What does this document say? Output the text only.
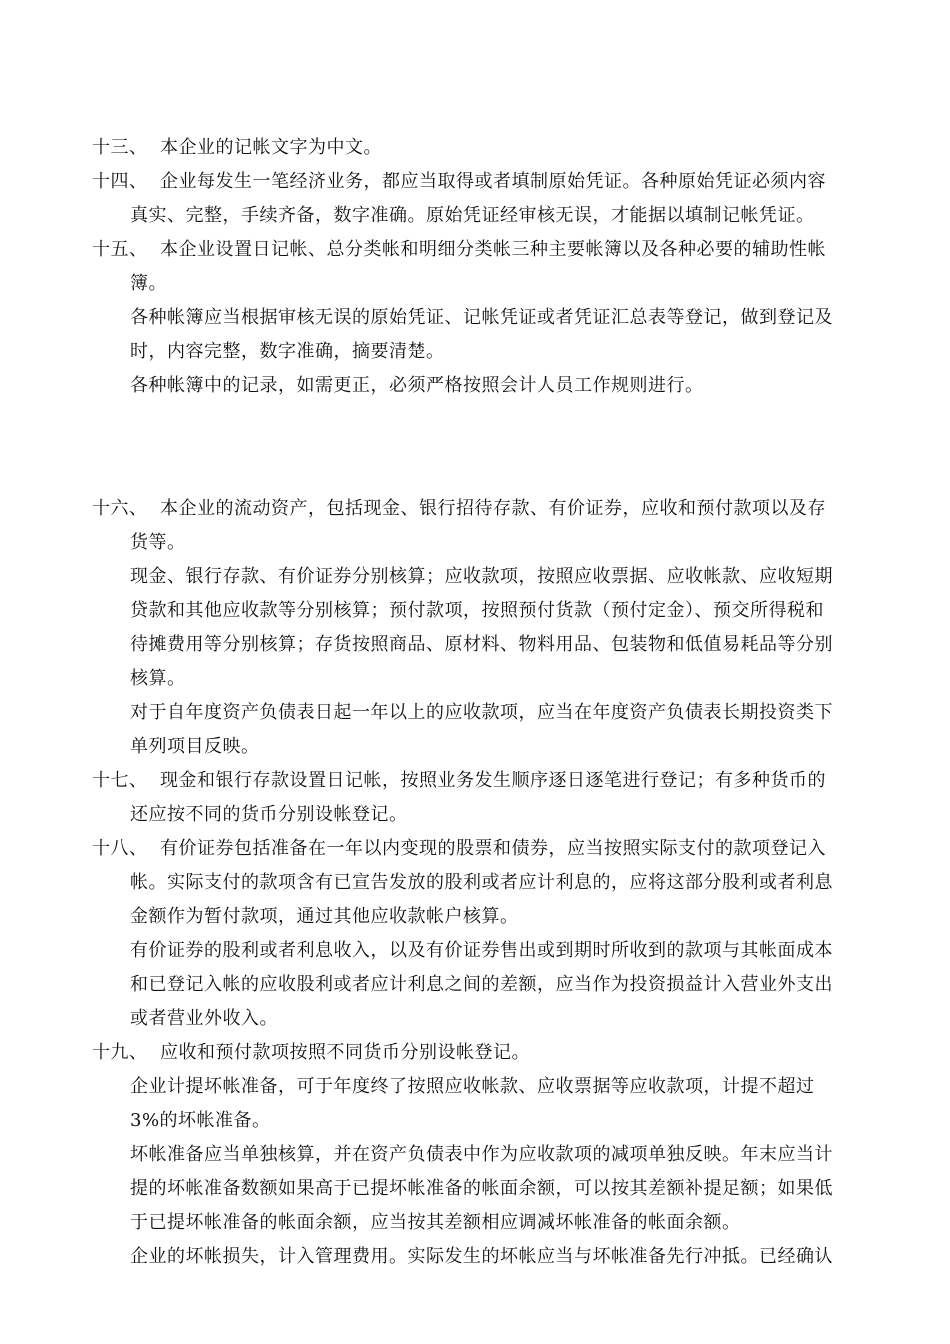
十三、 本企业的记帐文字为中文。
十四、 企业每发生一笔经济业务，都应当取得或者填制原始凭证。各种原始凭证必须内容
真实、完整，手续齐备，数字准确。原始凭证经审核无误，才能据以填制记帐凭证。
十五、 本企业设置日记帐、总分类帐和明细分类帐三种主要帐簿以及各种必要的辅助性帐
簿。
各种帐簿应当根据审核无误的原始凭证、记帐凭证或者凭证汇总表等登记，做到登记及
时，内容完整，数字准确，摘要清楚。
各种帐簿中的记录，如需更正，必须严格按照会计人员工作规则进行。
十六、 本企业的流动资产，包括现金、银行招待存款、有价证券，应收和预付款项以及存
货等。
现金、银行存款、有价证券分别核算；应收款项，按照应收票据、应收帐款、应收短期
贷款和其他应收款等分别核算；预付款项，按照预付货款（预付定金）、预交所得税和
待摊费用等分别核算；存货按照商品、原材料、物料用品、包装物和低值易耗品等分别
核算。
对于自年度资产负债表日起一年以上的应收款项，应当在年度资产负债表长期投资类下
单列项目反映。
十七、 现金和银行存款设置日记帐，按照业务发生顺序逐日逐笔进行登记；有多种货币的
还应按不同的货币分别设帐登记。
十八、 有价证券包括准备在一年以内变现的股票和债券，应当按照实际支付的款项登记入
帐。实际支付的款项含有已宣告发放的股利或者应计利息的，应将这部分股利或者利息
金额作为暂付款项，通过其他应收款帐户核算。
有价证券的股利或者利息收入，以及有价证券售出或到期时所收到的款项与其帐面成本
和已登记入帐的应收股利或者应计利息之间的差额，应当作为投资损益计入营业外支出
或者营业外收入。
十九、 应收和预付款项按照不同货币分别设帐登记。
企业计提坏帐准备，可于年度终了按照应收帐款、应收票据等应收款项，计提不超过
3%的坏帐准备。
坏帐准备应当单独核算，并在资产负债表中作为应收款项的减项单独反映。年末应当计
提的坏帐准备数额如果高于已提坏帐准备的帐面余额，可以按其差额补提足额；如果低
于已提坏帐准备的帐面余额，应当按其差额相应调减坏帐准备的帐面余额。
企业的坏帐损失，计入管理费用。实际发生的坏帐应当与坏帐准备先行冲抵。已经确认
